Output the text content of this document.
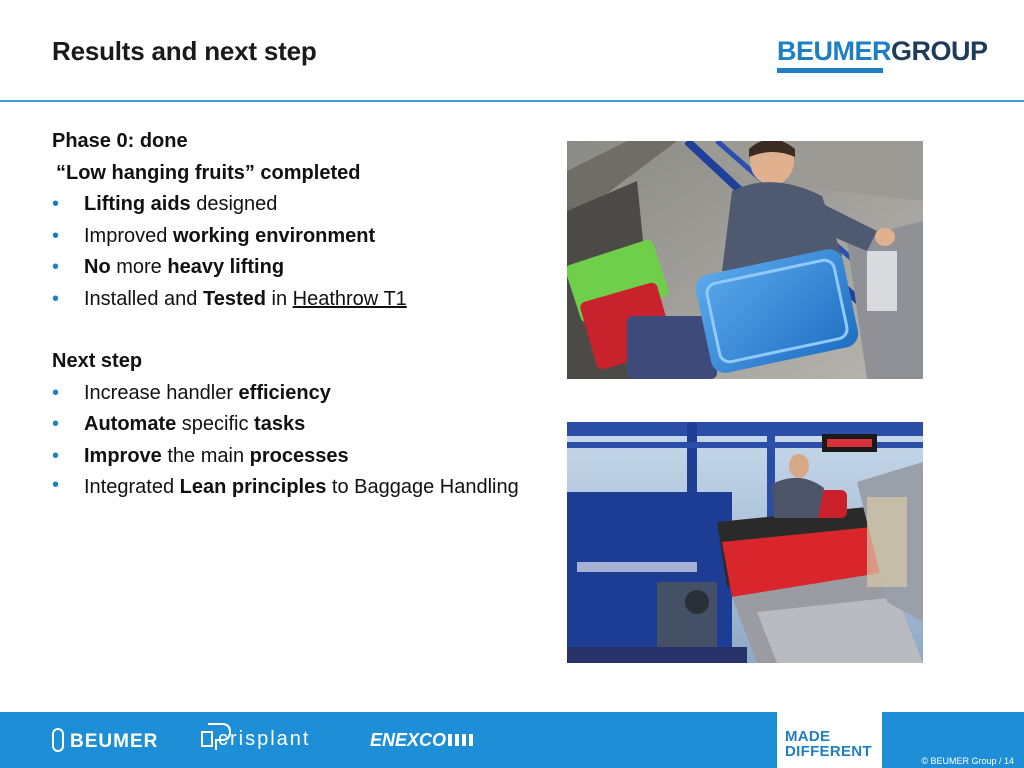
Results and next step	BEUMERGROUP
Phase 0: done
“Low hanging fruits” completed
• Lifting aids designed
• Improved working environment
• No more heavy lifting
• Installed and Tested in Heathrow T1
Next step
• Increase handler efficiency
• Automate specific tasks
• Improve the main processes
• Integrated Lean principles to Baggage Handling
BEUMER	crisplant	ENEXCO	MADE
DIFFERENT
© BEUMER Group / 14
